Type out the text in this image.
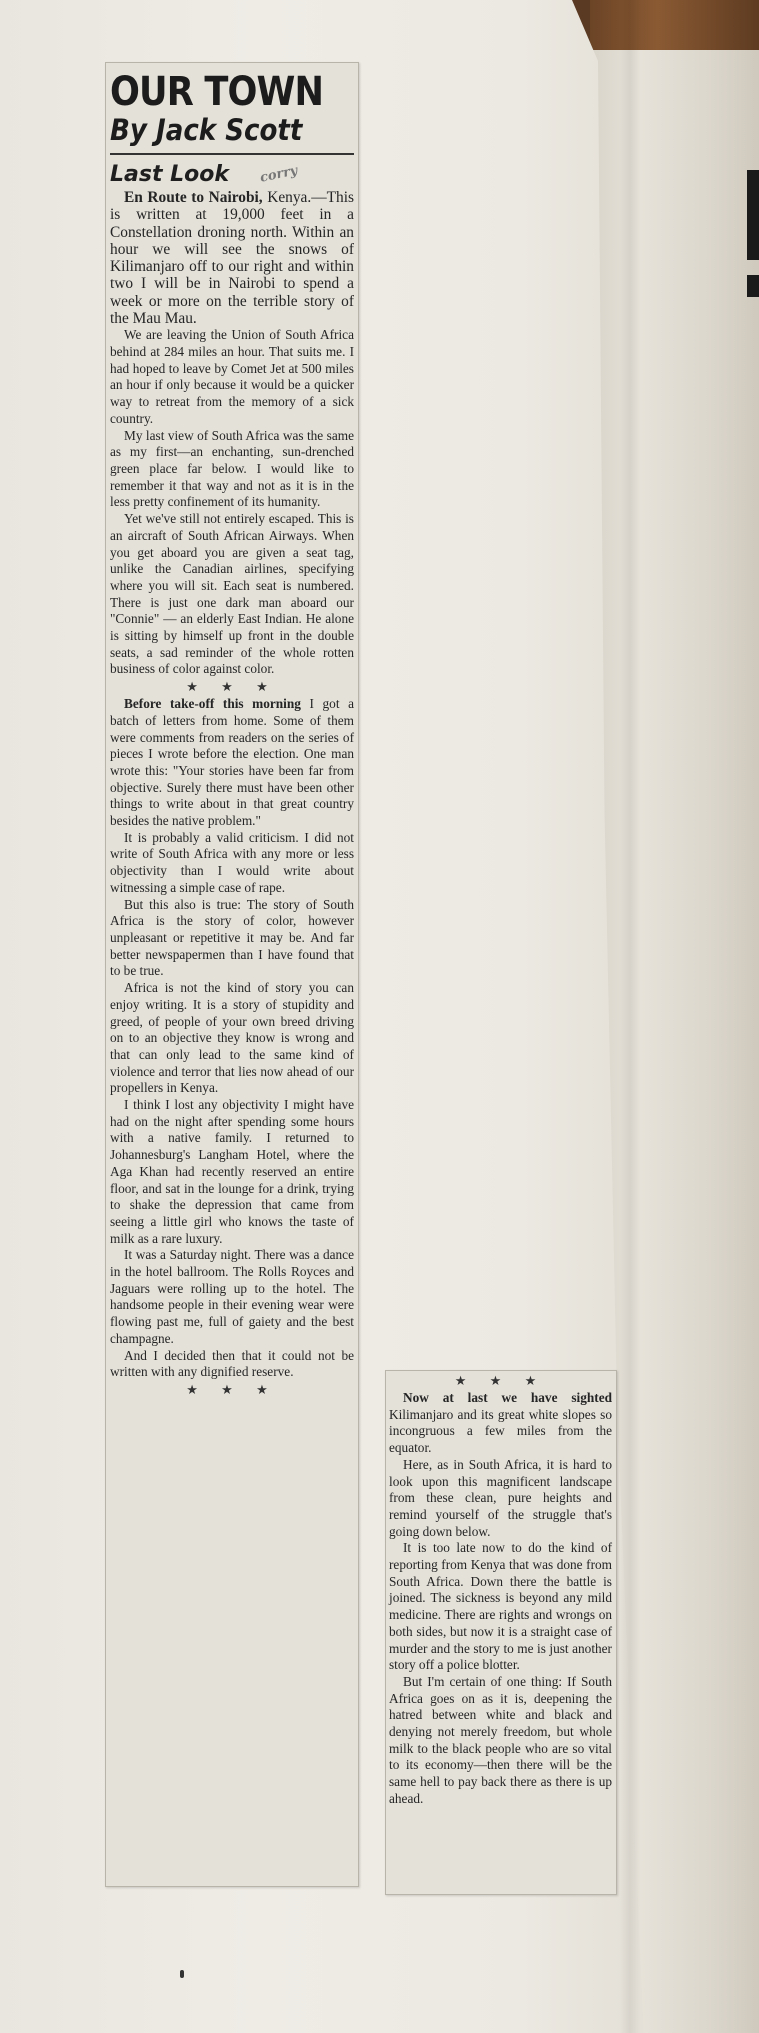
OUR TOWN
By Jack Scott
Last Look corry

En Route to Nairobi, Kenya.—This is written at 19,000 feet in a Constellation droning north. Within an hour we will see the snows of Kilimanjaro off to our right and within two I will be in Nairobi to spend a week or more on the terrible story of the Mau Mau.

We are leaving the Union of South Africa behind at 284 miles an hour. That suits me. I had hoped to leave by Comet Jet at 500 miles an hour if only because it would be a quicker way to retreat from the memory of a sick country.

My last view of South Africa was the same as my first—an enchanting, sun-drenched green place far below. I would like to remember it that way and not as it is in the less pretty confinement of its humanity.

Yet we've still not entirely escaped. This is an aircraft of South African Airways. When you get aboard you are given a seat tag, unlike the Canadian airlines, specifying where you will sit. Each seat is numbered. There is just one dark man aboard our "Connie" — an elderly East Indian. He alone is sitting by himself up front in the double seats, a sad reminder of the whole rotten business of color against color.

★ ★ ★

Before take-off this morning I got a batch of letters from home. Some of them were comments from readers on the series of pieces I wrote before the election. One man wrote this: "Your stories have been far from objective. Surely there must have been other things to write about in that great country besides the native problem."

It is probably a valid criticism. I did not write of South Africa with any more or less objectivity than I would write about witnessing a simple case of rape.

But this also is true: The story of South Africa is the story of color, however unpleasant or repetitive it may be. And far better newspapermen than I have found that to be true.

Africa is not the kind of story you can enjoy writing. It is a story of stupidity and greed, of people of your own breed driving on to an objective they know is wrong and that can only lead to the same kind of violence and terror that lies now ahead of our propellers in Kenya.

I think I lost any objectivity I might have had on the night after spending some hours with a native family. I returned to Johannesburg's Langham Hotel, where the Aga Khan had recently reserved an entire floor, and sat in the lounge for a drink, trying to shake the depression that came from seeing a little girl who knows the taste of milk as a rare luxury.

It was a Saturday night. There was a dance in the hotel ballroom. The Rolls Royces and Jaguars were rolling up to the hotel. The handsome people in their evening wear were flowing past me, full of gaiety and the best champagne.

And I decided then that it could not be written with any dignified reserve.

★ ★ ★
★ ★ ★

Now at last we have sighted Kilimanjaro and its great white slopes so incongruous a few miles from the equator.

Here, as in South Africa, it is hard to look upon this magnificent landscape from these clean, pure heights and remind yourself of the struggle that's going down below.

It is too late now to do the kind of reporting from Kenya that was done from South Africa. Down there the battle is joined. The sickness is beyond any mild medicine. There are rights and wrongs on both sides, but now it is a straight case of murder and the story to me is just another story off a police blotter.

But I'm certain of one thing: If South Africa goes on as it is, deepening the hatred between white and black and denying not merely freedom, but whole milk to the black people who are so vital to its economy—then there will be the same hell to pay back there as there is up ahead.
